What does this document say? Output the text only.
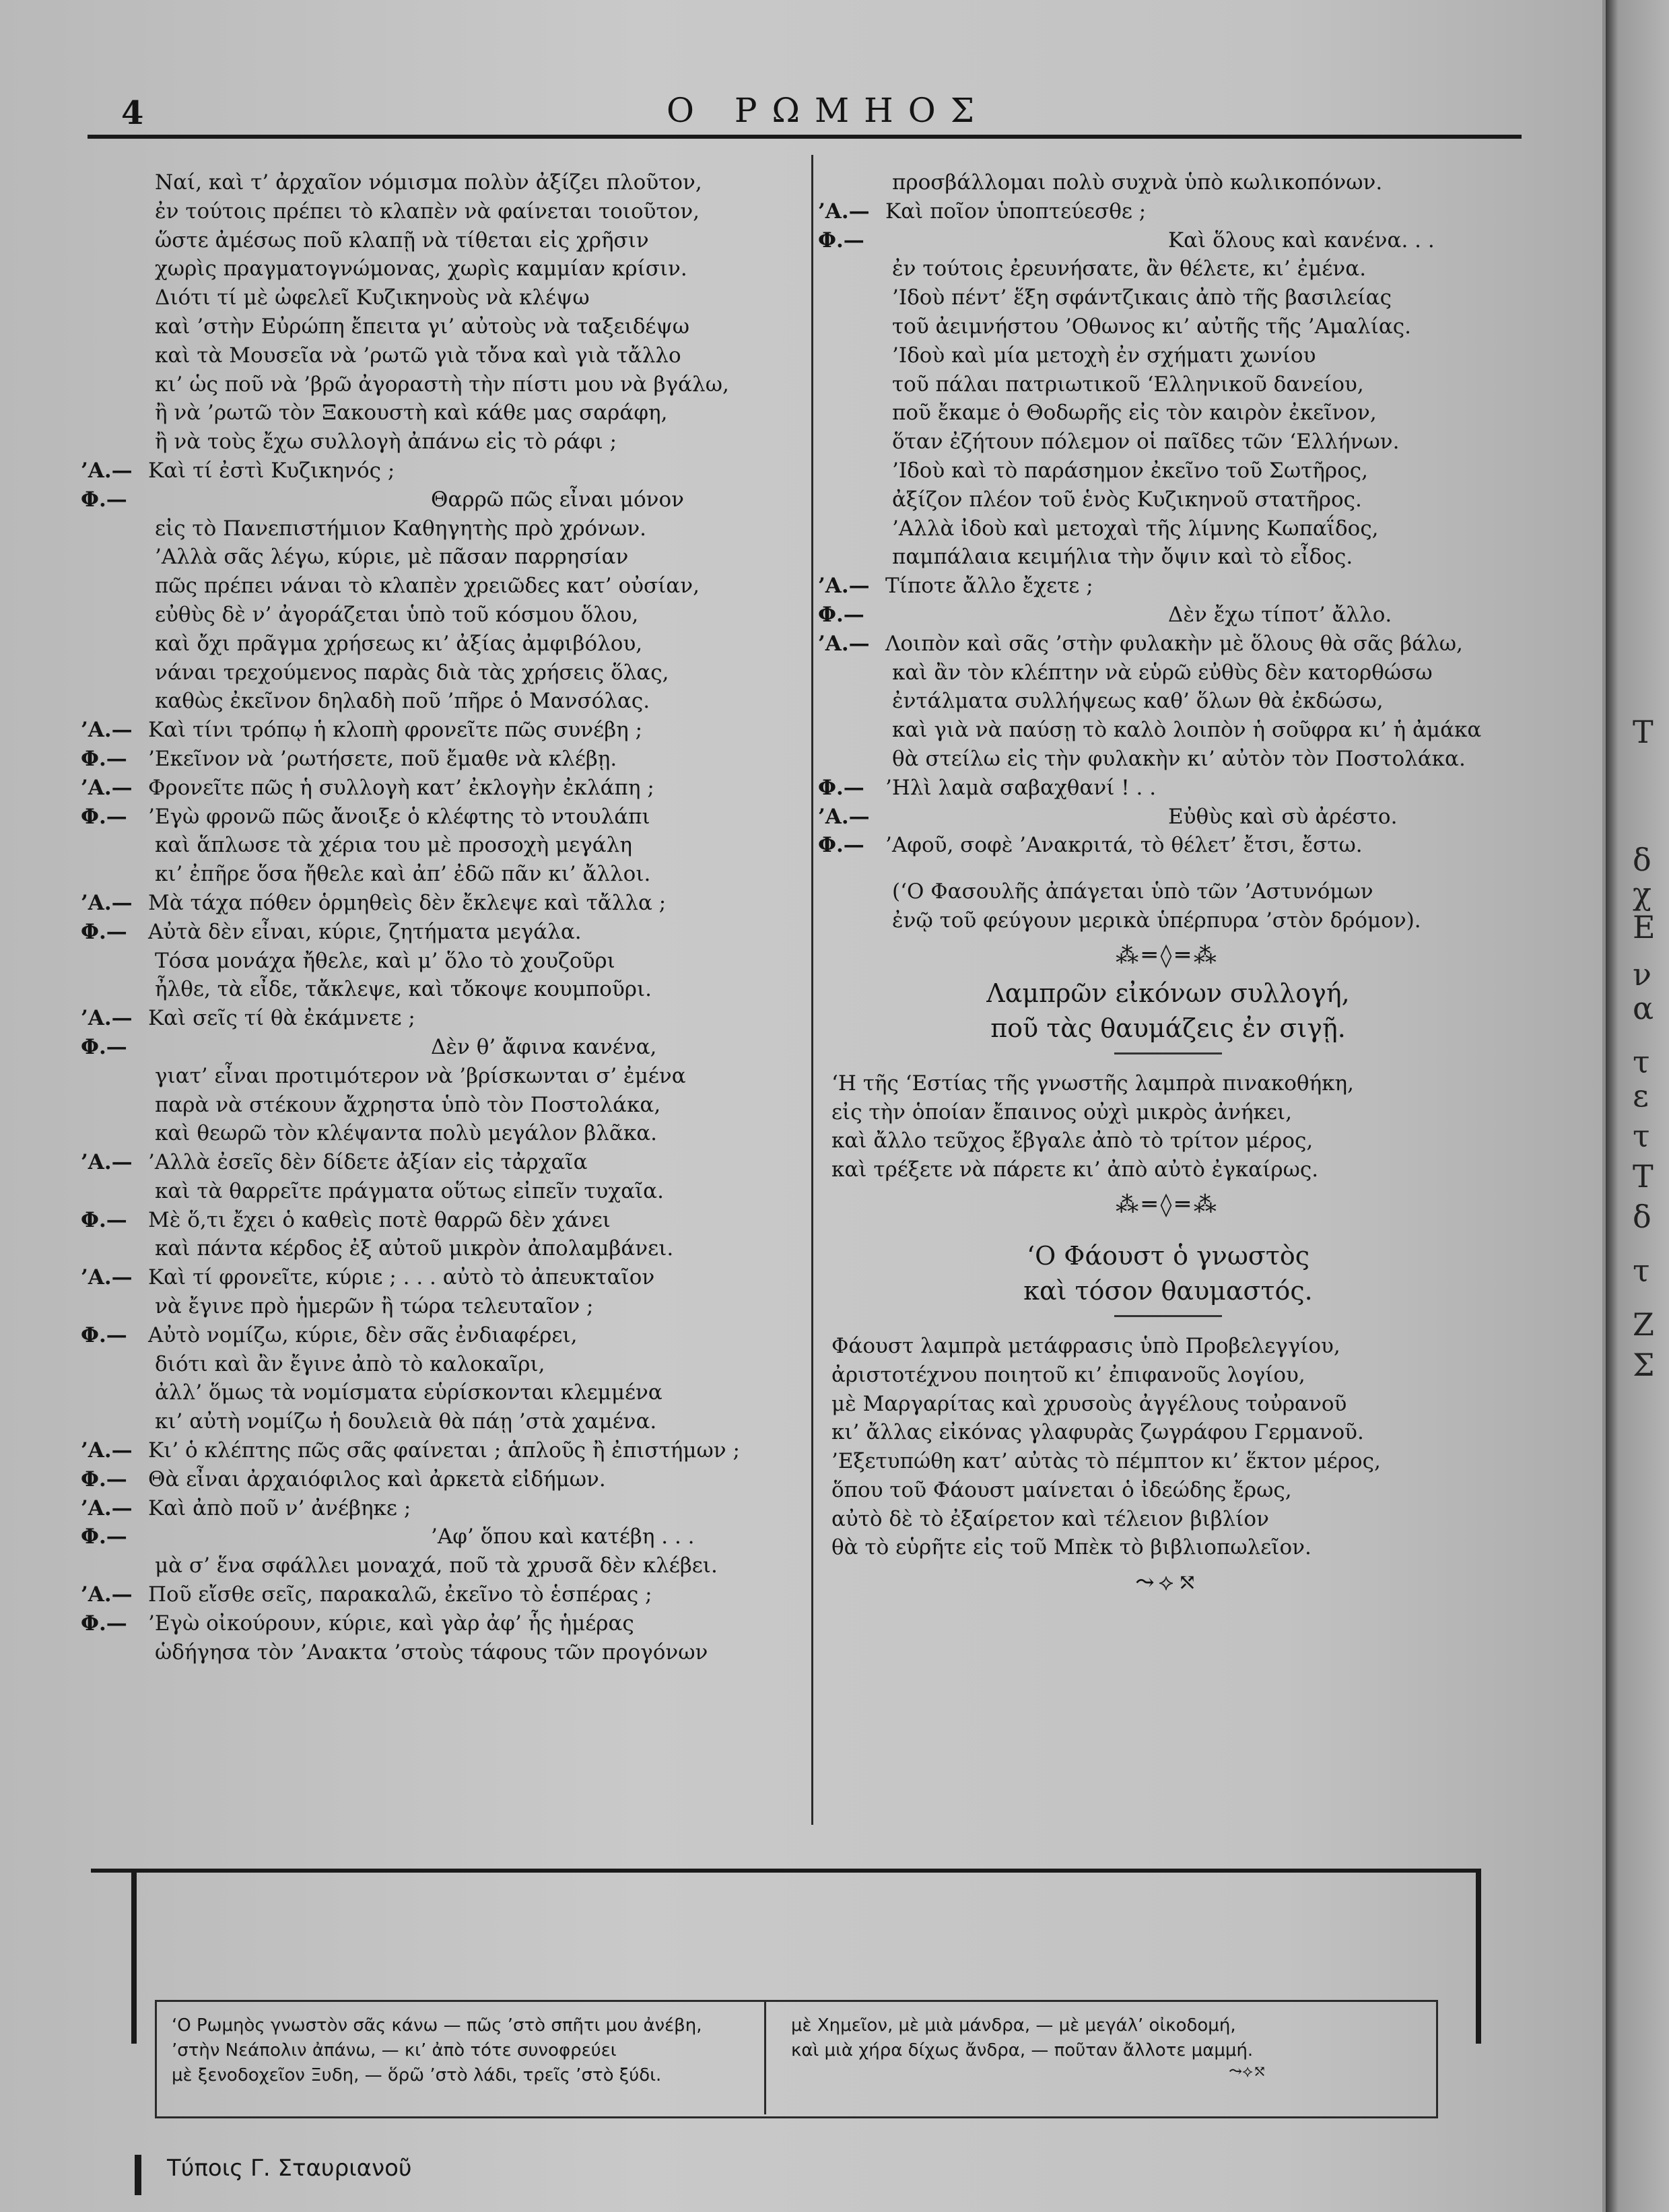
4	Ο ΡΩΜΗΟΣ
Ναί, καὶ τ’ ἀρχαῖον νόμισμα πολὺν ἀξίζει πλοῦτον,
ἐν τούτοις πρέπει τὸ κλαπὲν νὰ φαίνεται τοιοῦτον,
ὥστε ἀμέσως ποῦ κλαπῇ νὰ τίθεται εἰς χρῆσιν
χωρὶς πραγματογνώμονας, χωρὶς καμμίαν κρίσιν.
Διότι τί μὲ ὠφελεῖ Κυζικηνοὺς νὰ κλέψω
καὶ ’στὴν Εὐρώπη ἔπειτα γι’ αὐτοὺς νὰ ταξειδέψω
καὶ τὰ Μουσεῖα νὰ ’ρωτῶ γιὰ τὄνα καὶ γιὰ τἄλλο
κι’ ὡς ποῦ νὰ ’βρῶ ἀγοραστὴ τὴν πίστι μου νὰ βγάλω,
ἢ νὰ ’ρωτῶ τὸν Ξακουστὴ καὶ κάθε μας σαράφη,
ἢ νὰ τοὺς ἔχω συλλογὴ ἀπάνω εἰς τὸ ράφι ;
’Α.— Καὶ τί ἐστὶ Κυζικηνός ;
Φ.—	Θαρρῶ πῶς εἶναι μόνον
εἰς τὸ Πανεπιστήμιον Καθηγητὴς πρὸ χρόνων.
’Αλλὰ σᾶς λέγω, κύριε, μὲ πᾶσαν παρρησίαν
πῶς πρέπει νάναι τὸ κλαπὲν χρειῶδες κατ’ οὐσίαν,
εὐθὺς δὲ ν’ ἀγοράζεται ὑπὸ τοῦ κόσμου ὅλου,
καὶ ὄχι πρᾶγμα χρήσεως κι’ ἀξίας ἀμφιβόλου,
νάναι τρεχούμενος παρὰς διὰ τὰς χρήσεις ὅλας,
καθὼς ἐκεῖνον δηλαδὴ ποῦ ’πῆρε ὁ Μανσόλας.
’Α.— Καὶ τίνι τρόπῳ ἡ κλοπὴ φρονεῖτε πῶς συνέβη ;
Φ.—	’Εκεῖνον νὰ ’ρωτήσετε, ποῦ ἔμαθε νὰ κλέβῃ.
’Α.— Φρονεῖτε πῶς ἡ συλλογὴ κατ’ ἐκλογὴν ἐκλάπη ;
Φ.—	’Εγὼ φρονῶ πῶς ἄνοιξε ὁ κλέφτης τὸ ντουλάπι
καὶ ἅπλωσε τὰ χέρια του μὲ προσοχὴ μεγάλη
κι’ ἐπῆρε ὅσα ἤθελε καὶ ἀπ’ ἐδῶ πᾶν κι’ ἄλλοι.
’Α.— Μὰ τάχα πόθεν ὁρμηθεὶς δὲν ἔκλεψε καὶ τἄλλα ;
Φ.—	Αὐτὰ δὲν εἶναι, κύριε, ζητήματα μεγάλα.
Τόσα μονάχα ἤθελε, καὶ μ’ ὅλο τὸ χουζοῦρι
ἦλθε, τὰ εἶδε, τἄκλεψε, καὶ τὄκοψε κουμποῦρι.
’Α.— Καὶ σεῖς τί θὰ ἐκάμνετε ;
Φ.—	Δὲν θ’ ἄφινα κανένα,
γιατ’ εἶναι προτιμότερον νὰ ’βρίσκωνται σ’ ἐμένα
παρὰ νὰ στέκουν ἄχρηστα ὑπὸ τὸν Ποστολάκα,
καὶ θεωρῶ τὸν κλέψαντα πολὺ μεγάλον βλᾶκα.
’Α.— ’Αλλὰ ἐσεῖς δὲν δίδετε ἀξίαν εἰς τἀρχαῖα
καὶ τὰ θαρρεῖτε πράγματα οὕτως εἰπεῖν τυχαῖα.
Φ.—	Μὲ ὅ,τι ἔχει ὁ καθεὶς ποτὲ θαρρῶ δὲν χάνει
καὶ πάντα κέρδος ἐξ αὐτοῦ μικρὸν ἀπολαμβάνει.
’Α.— Καὶ τί φρονεῖτε, κύριε ; . . . αὐτὸ τὸ ἀπευκταῖον
νὰ ἔγινε πρὸ ἡμερῶν ἢ τώρα τελευταῖον ;
Φ.—	Αὐτὸ νομίζω, κύριε, δὲν σᾶς ἐνδιαφέρει,
διότι καὶ ἂν ἔγινε ἀπὸ τὸ καλοκαῖρι,
ἀλλ’ ὅμως τὰ νομίσματα εὑρίσκονται κλεμμένα
κι’ αὐτὴ νομίζω ἡ δουλειὰ θὰ πάῃ ’στὰ χαμένα.
’Α.— Κι’ ὁ κλέπτης πῶς σᾶς φαίνεται ; ἁπλοῦς ἢ ἐπιστήμων ;
Φ.—	Θὰ εἶναι ἀρχαιόφιλος καὶ ἀρκετὰ εἰδήμων.
’Α.— Καὶ ἀπὸ ποῦ ν’ ἀνέβηκε ;
Φ.—	’Αφ’ ὅπου καὶ κατέβη . . .
μὰ σ’ ἕνα σφάλλει μοναχά, ποῦ τὰ χρυσᾶ δὲν κλέβει.
’Α.— Ποῦ εἴσθε σεῖς, παρακαλῶ, ἐκεῖνο τὸ ἑσπέρας ;
Φ.—	’Εγὼ οἰκούρουν, κύριε, καὶ γὰρ ἀφ’ ἧς ἡμέρας
ὡδήγησα τὸν ’Ανακτα ’στοὺς τάφους τῶν προγόνων
προσβάλλομαι πολὺ συχνὰ ὑπὸ κωλικοπόνων.
’Α.— Καὶ ποῖον ὑποπτεύεσθε ;
Φ.—	Καὶ ὅλους καὶ κανένα. . .
ἐν τούτοις ἐρευνήσατε, ἂν θέλετε, κι’ ἐμένα.
’Ιδοὺ πέντ’ ἕξη σφάντζικαις ἀπὸ τῆς βασιλείας
τοῦ ἀειμνήστου ’Οθωνος κι’ αὐτῆς τῆς ’Αμαλίας.
’Ιδοὺ καὶ μία μετοχὴ ἐν σχήματι χωνίου
τοῦ πάλαι πατριωτικοῦ ‘Ελληνικοῦ δανείου,
ποῦ ἔκαμε ὁ Θοδωρῆς εἰς τὸν καιρὸν ἐκεῖνον,
ὅταν ἐζήτουν πόλεμον οἱ παῖδες τῶν ‘Ελλήνων.
’Ιδοὺ καὶ τὸ παράσημον ἐκεῖνο τοῦ Σωτῆρος,
ἀξίζον πλέον τοῦ ἑνὸς Κυζικηνοῦ στατῆρος.
’Αλλὰ ἰδοὺ καὶ μετοχαὶ τῆς λίμνης Κωπαΐδος,
παμπάλαια κειμήλια τὴν ὄψιν καὶ τὸ εἶδος.
’Α.— Τίποτε ἄλλο ἔχετε ;
Φ.—	Δὲν ἔχω τίποτ’ ἄλλο.
’Α.— Λοιπὸν καὶ σᾶς ’στὴν φυλακὴν μὲ ὅλους θὰ σᾶς βάλω,
καὶ ἂν τὸν κλέπτην νὰ εὑρῶ εὐθὺς δὲν κατορθώσω
ἐντάλματα συλλήψεως καθ’ ὅλων θὰ ἐκδώσω,
καὶ γιὰ νὰ παύσῃ τὸ καλὸ λοιπὸν ἡ σοῦφρα κι’ ἡ ἀμάκα
θὰ στείλω εἰς τὴν φυλακὴν κι’ αὐτὸν τὸν Ποστολάκα.
Φ.—	’Ηλὶ λαμὰ σαβαχθανί ! . .
’Α.—	Εὐθὺς καὶ σὺ ἀρέστο.
Φ.—	’Αφοῦ, σοφὲ ’Ανακριτά, τὸ θέλετ’ ἔτσι, ἔστω.
(‘Ο Φασουλῆς ἀπάγεται ὑπὸ τῶν ’Αστυνόμων
ἐνῷ τοῦ φεύγουν μερικὰ ὑπέρπυρα ’στὸν δρόμον).
⁂═◊═⁂
Λαμπρῶν εἰκόνων συλλογή,
ποῦ τὰς θαυμάζεις ἐν σιγῇ.
‘Η τῆς ‘Εστίας τῆς γνωστῆς λαμπρὰ πινακοθήκη,
εἰς τὴν ὁποίαν ἔπαινος οὐχὶ μικρὸς ἀνήκει,
καὶ ἄλλο τεῦχος ἔβγαλε ἀπὸ τὸ τρίτον μέρος,
καὶ τρέξετε νὰ πάρετε κι’ ἀπὸ αὐτὸ ἐγκαίρως.
⁂═◊═⁂
‘Ο Φάουστ ὁ γνωστὸς
καὶ τόσον θαυμαστός.
Φάουστ λαμπρὰ μετάφρασις ὑπὸ Προβελεγγίου,
ἀριστοτέχνου ποιητοῦ κι’ ἐπιφανοῦς λογίου,
μὲ Μαργαρίτας καὶ χρυσοὺς ἀγγέλους τοὐρανοῦ
κι’ ἄλλας εἰκόνας γλαφυρὰς ζωγράφου Γερμανοῦ.
’Εξετυπώθη κατ’ αὐτὰς τὸ πέμπτον κι’ ἕκτον μέρος,
ὅπου τοῦ Φάουστ μαίνεται ὁ ἰδεώδης ἔρως,
αὐτὸ δὲ τὸ ἐξαίρετον καὶ τέλειον βιβλίον
θὰ τὸ εὑρῆτε εἰς τοῦ Μπὲκ τὸ βιβλιοπωλεῖον.
⤳⟡⤲
‘Ο Ρωμηὸς γνωστὸν σᾶς κάνω — πῶς ’στὸ σπῆτι μου ἀνέβη,
’στὴν Νεάπολιν ἀπάνω, — κι’ ἀπὸ τότε συνοφρεύει
μὲ ξενοδοχεῖον Ξυδη, — ὅρῶ ’στὸ λάδι, τρεῖς ’στὸ ξύδι.
μὲ Χημεῖον, μὲ μιὰ μάνδρα, — μὲ μεγάλ’ οἰκοδομή,
καὶ μιὰ χήρα δίχως ἄνδρα, — ποῦταν ἄλλοτε μαμμή.
⤳⟡⤲
Τύποις Γ. Σταυριανοῦ
Τ
δ
χ
Ε
ν
α
τ
ε
τ
Τ
δ
τ
Ζ
Σ
